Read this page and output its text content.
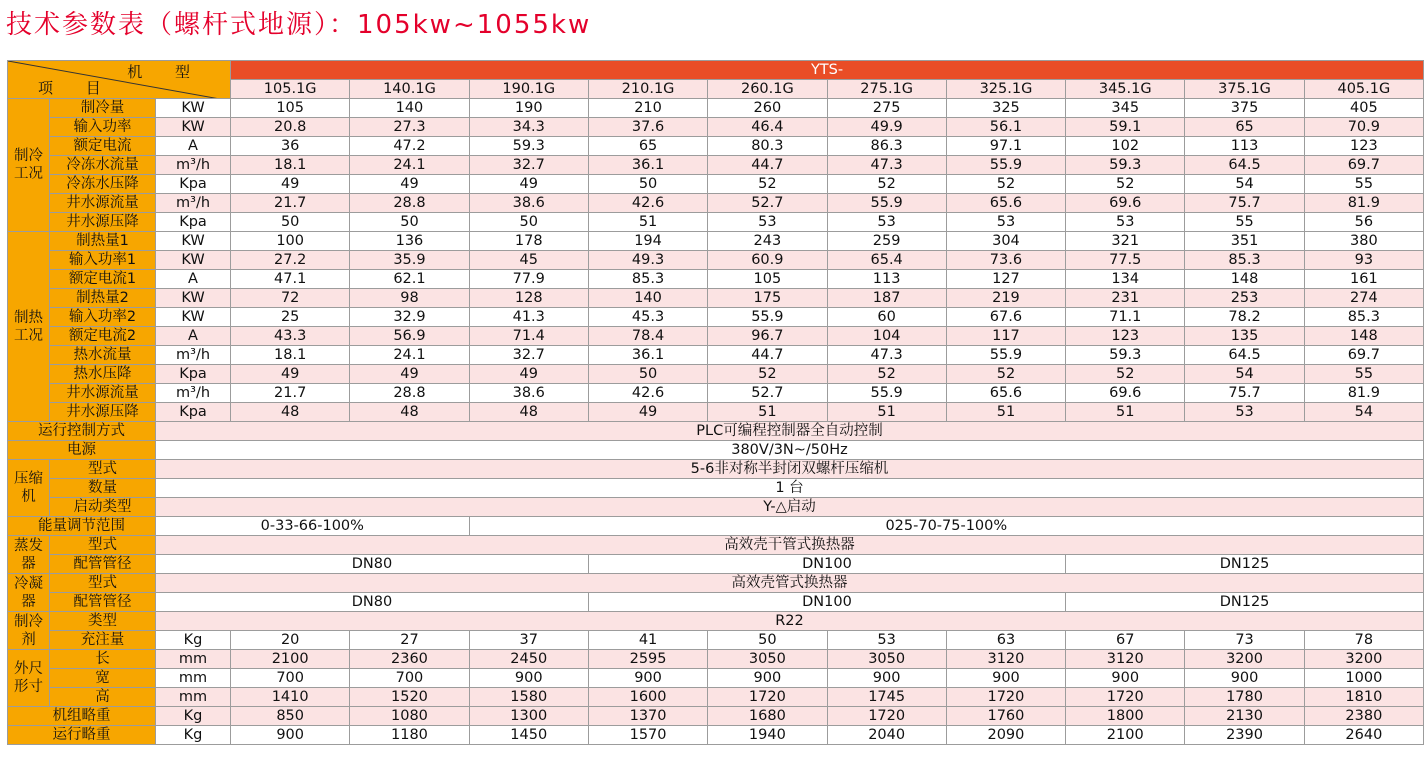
技术参数表（螺杆式地源）：105kw~1055kw
机 型
项 目			YTS-									
			105.1G	140.1G	190.1G	210.1G	260.1G	275.1G	325.1G	345.1G	375.1G	405.1G
制冷工况	制冷量	KW	105	140	190	210	260	275	325	345	375	405
	输入功率	KW	20.8	27.3	34.3	37.6	46.4	49.9	56.1	59.1	65	70.9
	额定电流	A	36	47.2	59.3	65	80.3	86.3	97.1	102	113	123
	冷冻水流量	m³/h	18.1	24.1	32.7	36.1	44.7	47.3	55.9	59.3	64.5	69.7
	冷冻水压降	Kpa	49	49	49	50	52	52	52	52	54	55
	井水源流量	m³/h	21.7	28.8	38.6	42.6	52.7	55.9	65.6	69.6	75.7	81.9
	井水源压降	Kpa	50	50	50	51	53	53	53	53	55	56
制热工况	制热量1	KW	100	136	178	194	243	259	304	321	351	380
	输入功率1	KW	27.2	35.9	45	49.3	60.9	65.4	73.6	77.5	85.3	93
	额定电流1	A	47.1	62.1	77.9	85.3	105	113	127	134	148	161
	制热量2	KW	72	98	128	140	175	187	219	231	253	274
	输入功率2	KW	25	32.9	41.3	45.3	55.9	60	67.6	71.1	78.2	85.3
	额定电流2	A	43.3	56.9	71.4	78.4	96.7	104	117	123	135	148
	热水流量	m³/h	18.1	24.1	32.7	36.1	44.7	47.3	55.9	59.3	64.5	69.7
	热水压降	Kpa	49	49	49	50	52	52	52	52	54	55
	井水源流量	m³/h	21.7	28.8	38.6	42.6	52.7	55.9	65.6	69.6	75.7	81.9
	井水源压降	Kpa	48	48	48	49	51	51	51	51	53	54
运行控制方式		PLC可编程控制器全自动控制										
电源		380V/3N~/50Hz										
压缩机	型式	5-6非对称半封闭双螺杆压缩机										
	数量	1 台										
	启动类型	Y-△启动										
能量调节范围		0-33-66-100%			025-70-75-100%							
蒸发器	型式	高效壳干管式换热器										
	配管管径	DN80				DN100				DN125		
冷凝器	型式	高效壳管式换热器										
	配管管径	DN80				DN100				DN125		
制冷剂	类型	R22										
	充注量	Kg	20	27	37	41	50	53	63	67	73	78
外尺形寸	长	mm	2100	2360	2450	2595	3050	3050	3120	3120	3200	3200
	宽	mm	700	700	900	900	900	900	900	900	900	1000
	高	mm	1410	1520	1580	1600	1720	1745	1720	1720	1780	1810
机组略重		Kg	850	1080	1300	1370	1680	1720	1760	1800	2130	2380
运行略重		Kg	900	1180	1450	1570	1940	2040	2090	2100	2390	2640
